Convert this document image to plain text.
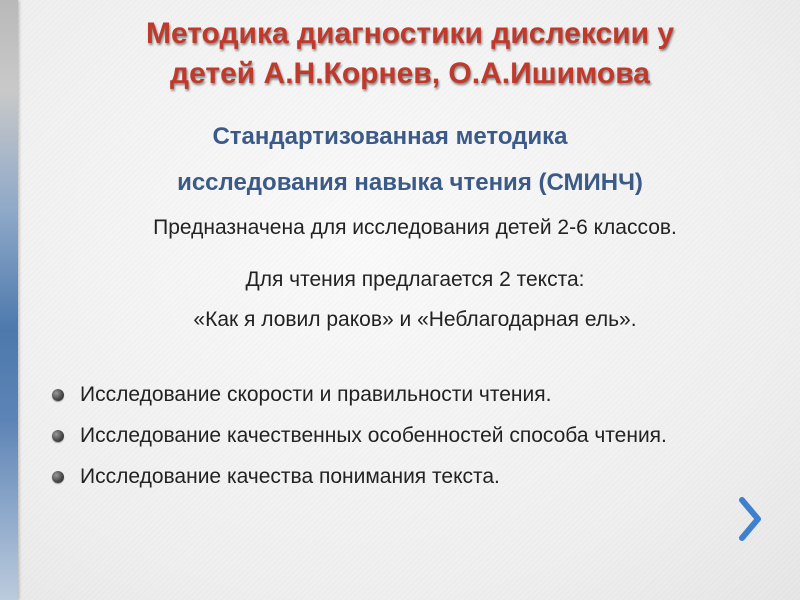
Методика диагностики дислексии у
детей А.Н.Корнев, О.А.Ишимова
Стандартизованная методика
исследования навыка чтения (СМИНЧ)

Предназначена для исследования детей 2-6 классов.

Для чтения предлагается 2 текста:

«Как я ловил раков» и «Неблагодарная ель».

Исследование скорости и правильности чтения.
Исследование качественных особенностей способа чтения.
Исследование качества понимания текста.
